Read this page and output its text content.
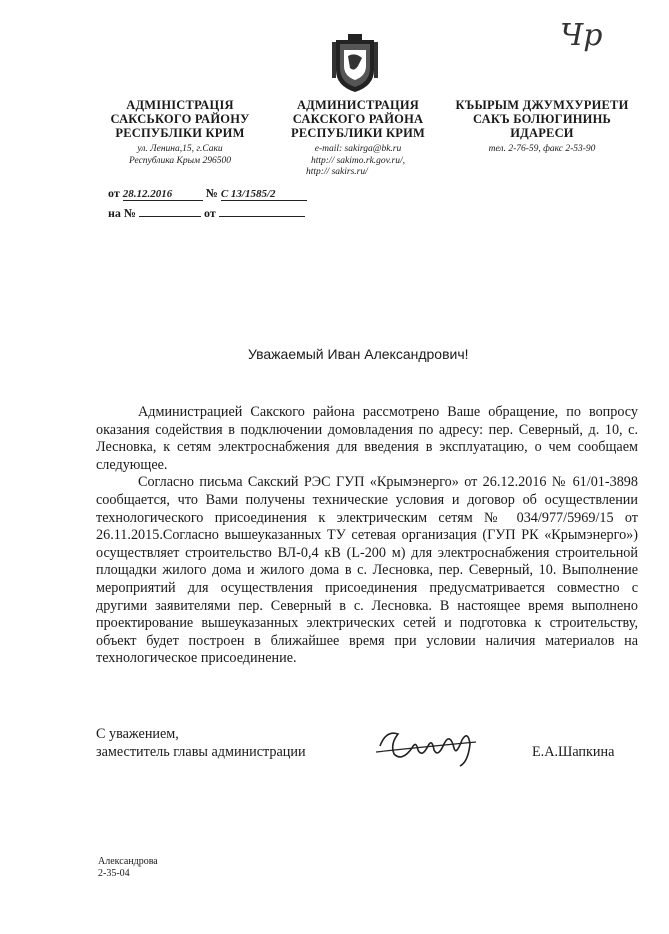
Чр
АДМІНІСТРАЦІЯ
САКСЬКОГО РАЙОНУ
РЕСПУБЛІКИ КРИМ
ул. Ленина,15, г.Саки
Республика Крым 296500
АДМИНИСТРАЦИЯ
САКСКОГО РАЙОНА
РЕСПУБЛИКИ КРИМ
e-mail: sakirga@bk.ru
http:// sakimo.rk.gov.ru/,
http:// sakirs.ru/
КЪЫРЫМ ДЖУМХУРИЕТИ
САКЪ БОЛЮГИНИНЬ
ИДАРЕСИ
тел. 2-76-59, факс 2-53-90
от 28.12.2016	№ С 13/1585/2
на №	от
Уважаемый Иван Александрович!

Администрацией Сакского района рассмотрено Ваше обращение, по вопросу оказания содействия в подключении домовладения по адресу: пер. Северный, д. 10, с. Лесновка, к сетям электроснабжения для введения в эксплуатацию, о чем сообщаем следующее.

Согласно письма Сакский РЭС ГУП «Крымэнерго» от 26.12.2016 № 61/01-3898 сообщается, что Вами получены технические условия и договор об осуществлении технологического присоединения к электрическим сетям № 034/977/5969/15 от 26.11.2015.Согласно вышеуказанных ТУ сетевая организация (ГУП РК «Крымэнерго») осуществляет строительство ВЛ-0,4 кВ (L-200 м) для электроснабжения строительной площадки жилого дома и жилого дома в с. Лесновка, пер. Северный, 10. Выполнение мероприятий для осуществления присоединения предусматривается совместно с другими заявителями пер. Северный в с. Лесновка. В настоящее время выполнено проектирование вышеуказанных электрических сетей и подготовка к строительству, объект будет построен в ближайшее время при условии наличия материалов на технологическое присоединение.

С уважением,
заместитель главы администрации	Е.А.Шапкина
Александрова
2-35-04
